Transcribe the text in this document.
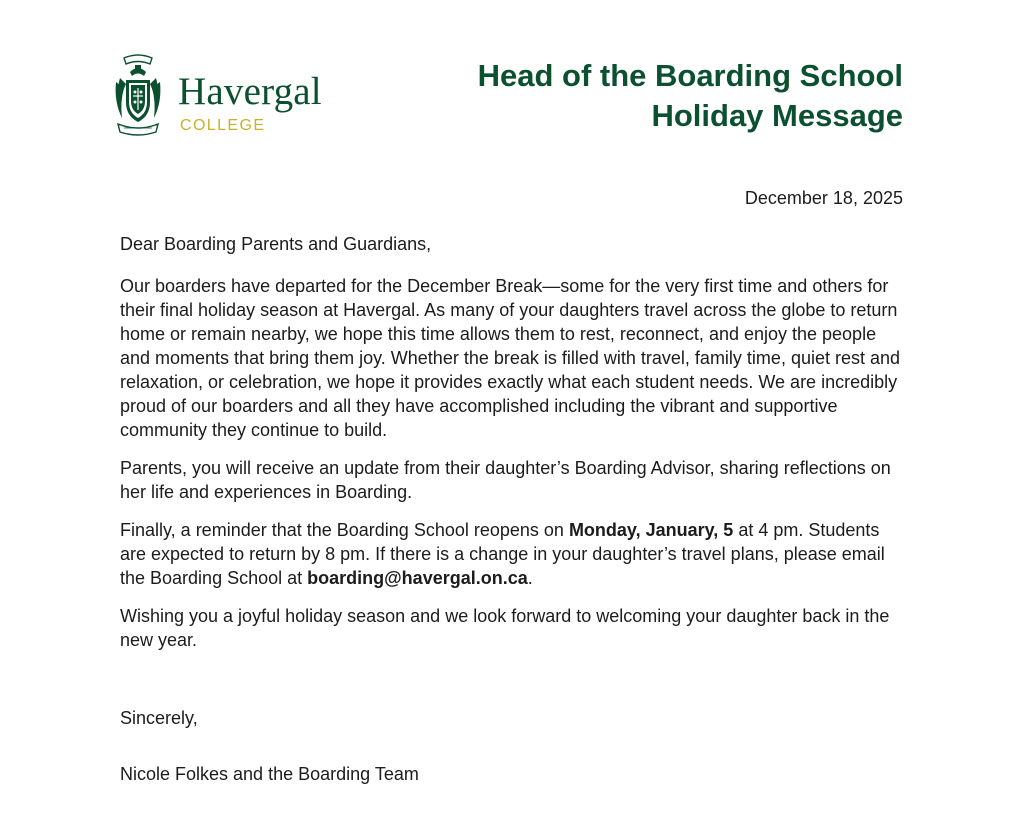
Havergal
COLLEGE
Head of the Boarding School
Holiday Message
December 18, 2025

Dear Boarding Parents and Guardians,

Our boarders have departed for the December Break—some for the very first time and others for their final holiday season at Havergal. As many of your daughters travel across the globe to return home or remain nearby, we hope this time allows them to rest, reconnect, and enjoy the people and moments that bring them joy. Whether the break is filled with travel, family time, quiet rest and relaxation, or celebration, we hope it provides exactly what each student needs. We are incredibly proud of our boarders and all they have accomplished including the vibrant and supportive community they continue to build.

Parents, you will receive an update from their daughter’s Boarding Advisor, sharing reflections on her life and experiences in Boarding.

Finally, a reminder that the Boarding School reopens on Monday, January, 5 at 4 pm. Students are expected to return by 8 pm. If there is a change in your daughter’s travel plans, please email the Boarding School at boarding@havergal.on.ca.

Wishing you a joyful holiday season and we look forward to welcoming your daughter back in the new year.

Sincerely,
Nicole Folkes and the Boarding Team
